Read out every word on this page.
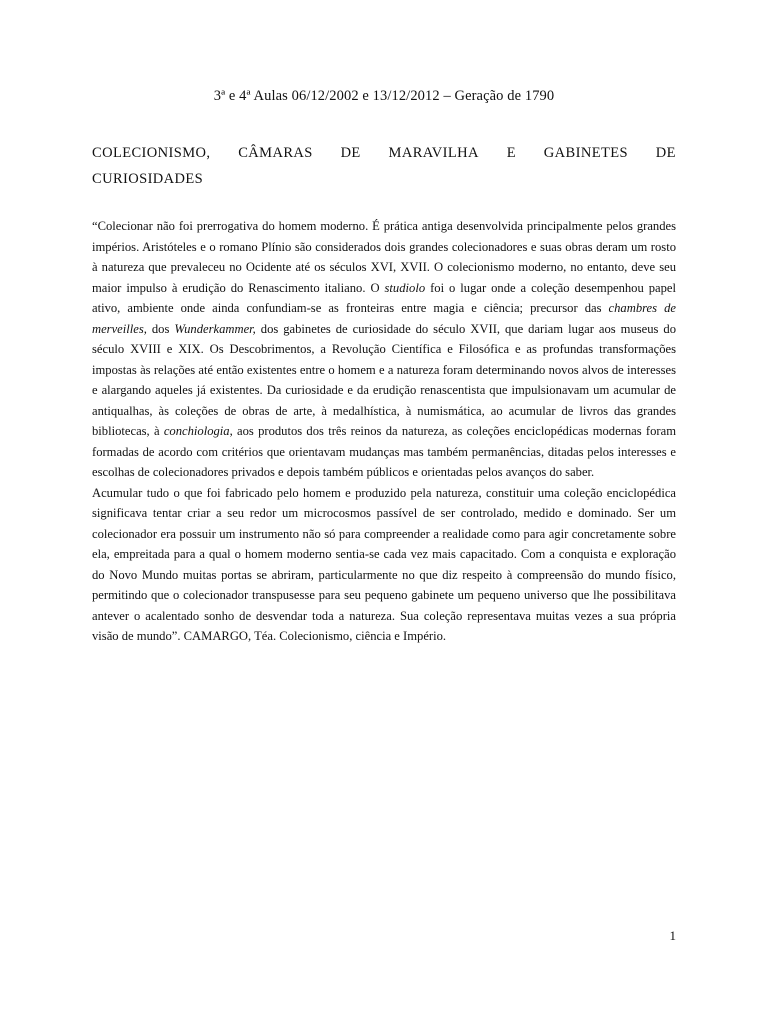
3ª e 4ª Aulas 06/12/2002 e 13/12/2012 – Geração de 1790
COLECIONISMO, CÂMARAS DE MARAVILHA E GABINETES DE
CURIOSIDADES

“Colecionar não foi prerrogativa do homem moderno. É prática antiga desenvolvida principalmente pelos grandes impérios. Aristóteles e o romano Plínio são considerados dois grandes colecionadores e suas obras deram um rosto à natureza que prevaleceu no Ocidente até os séculos XVI, XVII. O colecionismo moderno, no entanto, deve seu maior impulso à erudição do Renascimento italiano. O studiolo foi o lugar onde a coleção desempenhou papel ativo, ambiente onde ainda confundiam-se as fronteiras entre magia e ciência; precursor das chambres de merveilles, dos Wunderkammer, dos gabinetes de curiosidade do século XVII, que dariam lugar aos museus do século XVIII e XIX. Os Descobrimentos, a Revolução Científica e Filosófica e as profundas transformações impostas às relações até então existentes entre o homem e a natureza foram determinando novos alvos de interesses e alargando aqueles já existentes. Da curiosidade e da erudição renascentista que impulsionavam um acumular de antiqualhas, às coleções de obras de arte, à medalhística, à numismática, ao acumular de livros das grandes bibliotecas, à conchiologia, aos produtos dos três reinos da natureza, as coleções enciclopédicas modernas foram formadas de acordo com critérios que orientavam mudanças mas também permanências, ditadas pelos interesses e escolhas de colecionadores privados e depois também públicos e orientadas pelos avanços do saber.

Acumular tudo o que foi fabricado pelo homem e produzido pela natureza, constituir uma coleção enciclopédica significava tentar criar a seu redor um microcosmos passível de ser controlado, medido e dominado. Ser um colecionador era possuir um instrumento não só para compreender a realidade como para agir concretamente sobre ela, empreitada para a qual o homem moderno sentia-se cada vez mais capacitado. Com a conquista e exploração do Novo Mundo muitas portas se abriram, particularmente no que diz respeito à compreensão do mundo físico, permitindo que o colecionador transpusesse para seu pequeno gabinete um pequeno universo que lhe possibilitava antever o acalentado sonho de desvendar toda a natureza. Sua coleção representava muitas vezes a sua própria visão de mundo”. CAMARGO, Téa. Colecionismo, ciência e Império.

1
